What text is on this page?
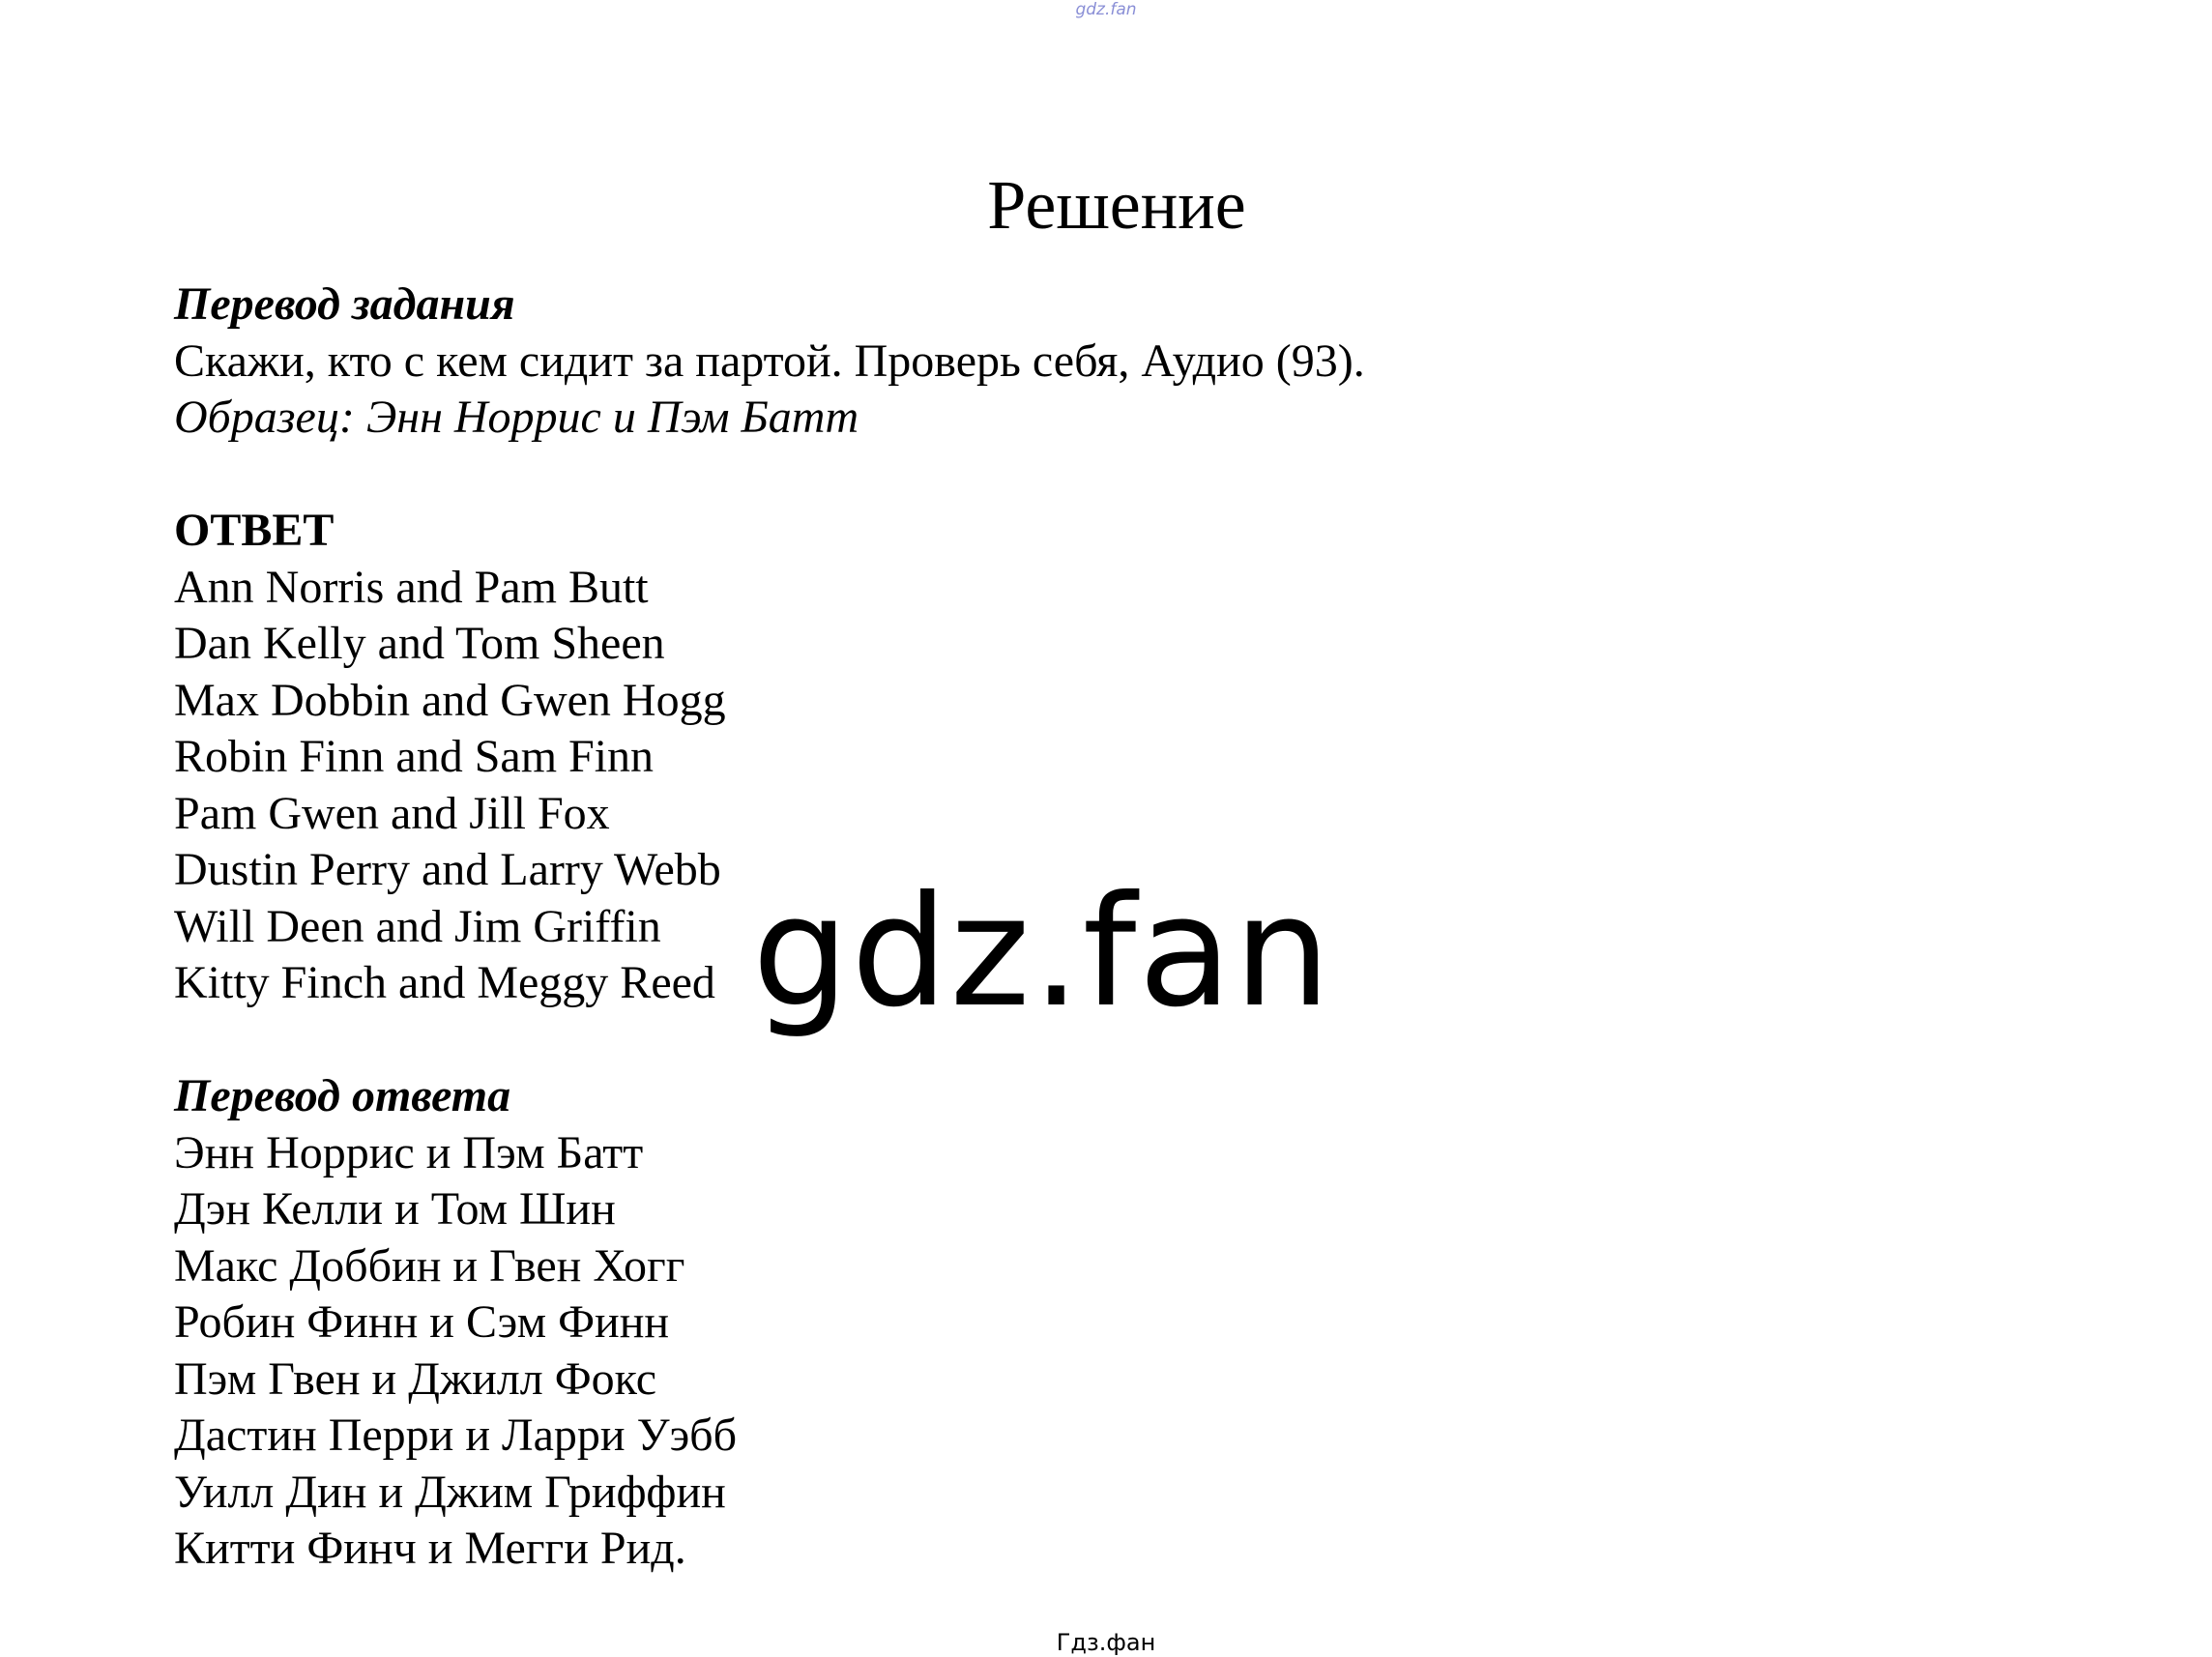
gdz.fan
Решение
Перевод задания
Скажи, кто с кем сидит за партой. Проверь себя, Аудио (93).
Образец: Энн Норрис и Пэм Батт
ОТВЕТ
Ann Norris and Pam Butt
Dan Kelly and Tom Sheen
Max Dobbin and Gwen Hogg
Robin Finn and Sam Finn
Pam Gwen and Jill Fox
Dustin Perry and Larry Webb
Will Deen and Jim Griffin
Kitty Finch and Meggy Reed
Перевод ответа
Энн Норрис и Пэм Батт
Дэн Келли и Том Шин
Макс Доббин и Гвен Хогг
Робин Финн и Сэм Финн
Пэм Гвен и Джилл Фокс
Дастин Перри и Ларри Уэбб
Уилл Дин и Джим Гриффин
Китти Финч и Мегги Рид.
gdz.fan
Гдз.фан
